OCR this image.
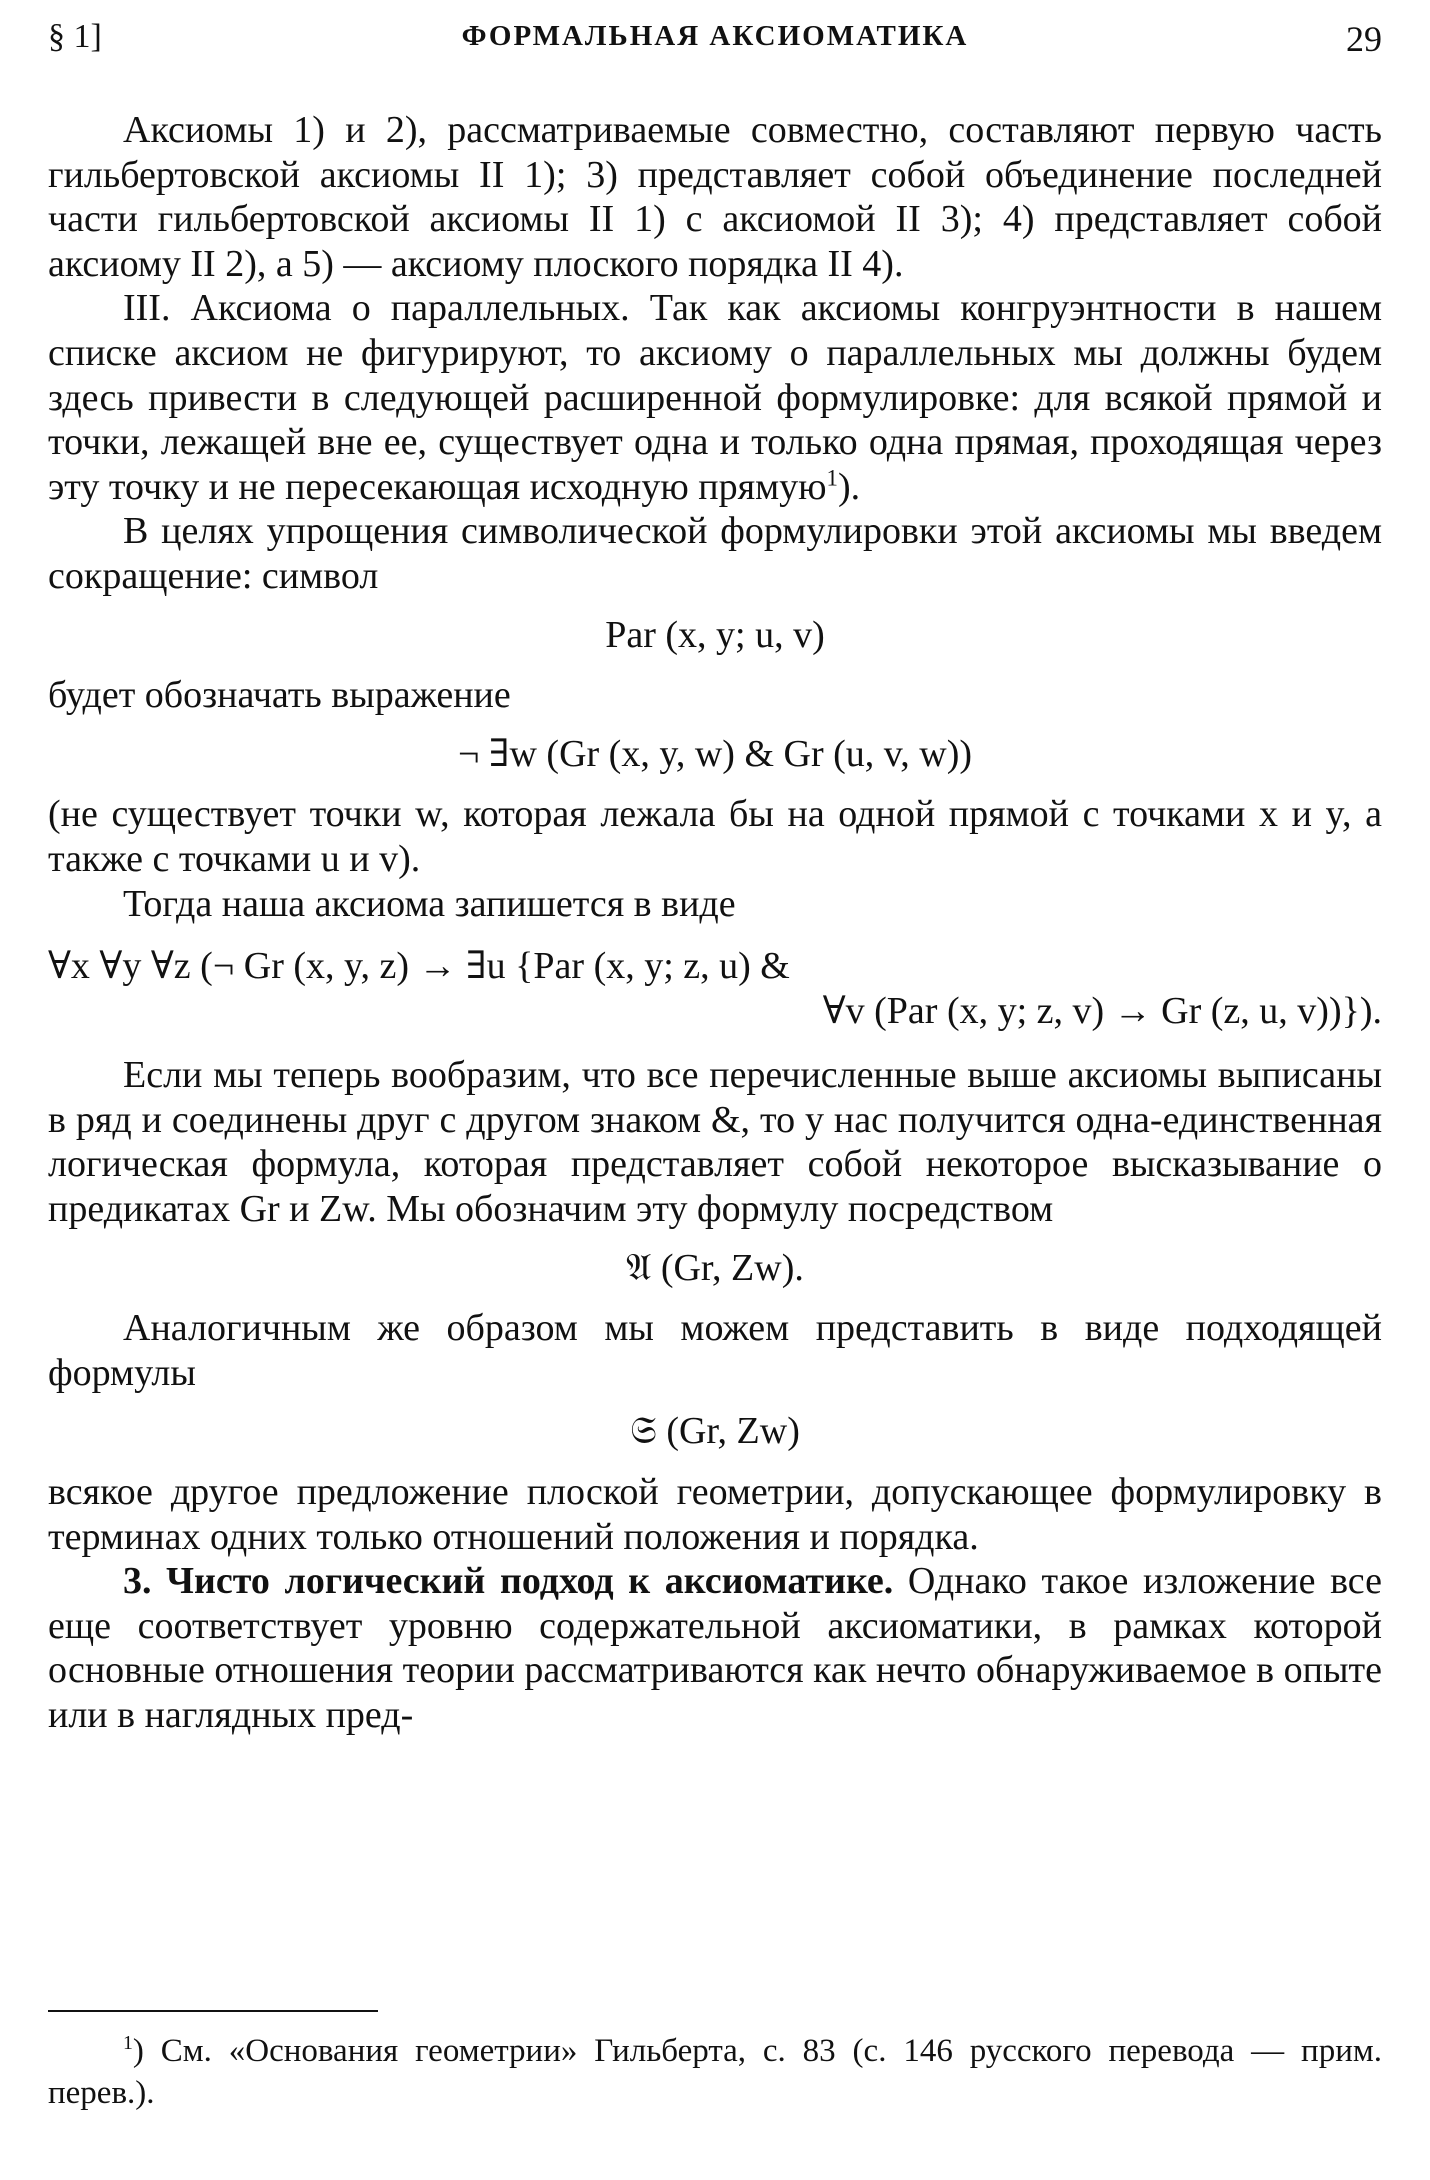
§ 1]	ФОРМАЛЬНАЯ АКСИОМАТИКА	29

Аксиомы 1) и 2), рассматриваемые совместно, составляют первую часть гильбертовской аксиомы II 1); 3) представляет собой объединение последней части гильбертовской аксиомы II 1) с аксиомой II 3); 4) представляет собой аксиому II 2), а 5) — аксиому плоского порядка II 4).

III. Аксиома о параллельных. Так как аксиомы конгруэнтности в нашем списке аксиом не фигурируют, то аксиому о параллельных мы должны будем здесь привести в следующей расширенной формулировке: для всякой прямой и точки, лежащей вне ее, существует одна и только одна прямая, проходящая через эту точку и не пересекающая исходную прямую$^1$).

В целях упрощения символической формулировки этой аксиомы мы введем сокращение: символ

Par (x, y; u, v)

будет обозначать выражение

¬ ∃w (Gr (x, y, w) & Gr (u, v, w))

(не существует точки w, которая лежала бы на одной прямой с точками x и y, а также с точками u и v).

Тогда наша аксиома запишется в виде

∀x ∀y ∀z (¬ Gr (x, y, z) → ∃u {Par (x, y; z, u) &
∀v (Par (x, y; z, v) → Gr (z, u, v))}).

Если мы теперь вообразим, что все перечисленные выше аксиомы выписаны в ряд и соединены друг с другом знаком &, то у нас получится одна-единственная логическая формула, которая представляет собой некоторое высказывание о предикатах Gr и Zw. Мы обозначим эту формулу посредством

𝔄 (Gr, Zw).

Аналогичным же образом мы можем представить в виде подходящей формулы

𝔖 (Gr, Zw)

всякое другое предложение плоской геометрии, допускающее формулировку в терминах одних только отношений положения и порядка.

3. Чисто логический подход к аксиоматике. Однако такое изложение все еще соответствует уровню содержательной аксиоматики, в рамках которой основные отношения теории рассматриваются как нечто обнаруживаемое в опыте или в наглядных пред-

$^1$) См. «Основания геометрии» Гильберта, с. 83 (с. 146 русского перевода — прим. перев.).
